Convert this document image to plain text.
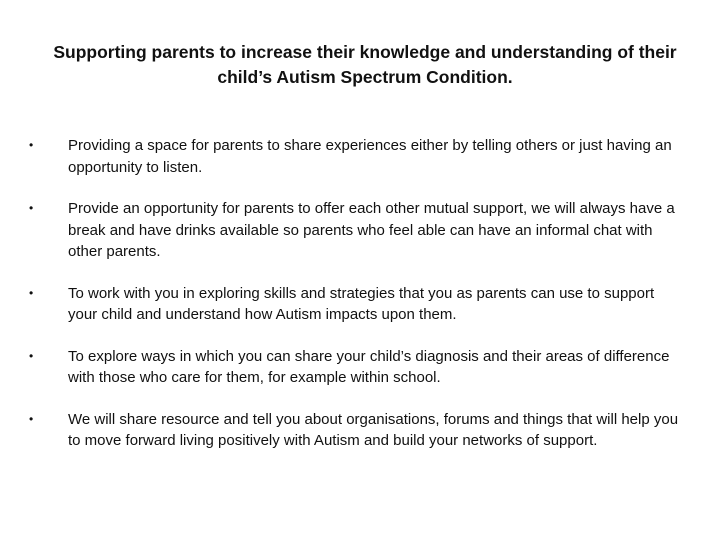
Supporting parents to increase their knowledge and understanding of their
child’s Autism Spectrum Condition.
• Providing a space for parents to share experiences either by telling others or just having an opportunity to listen.
• Provide an opportunity for parents to offer each other mutual support, we will always have a break and have drinks available so parents who feel able can have an informal chat with other parents.
• To work with you in exploring skills and strategies that you as parents can use to support your child and understand how Autism impacts upon them.
• To explore ways in which you can share your child’s diagnosis and their areas of difference with those who care for them, for example within school.
• We will share resource and tell you about organisations, forums and things that will help you to move forward living positively with Autism and build your networks of support.
